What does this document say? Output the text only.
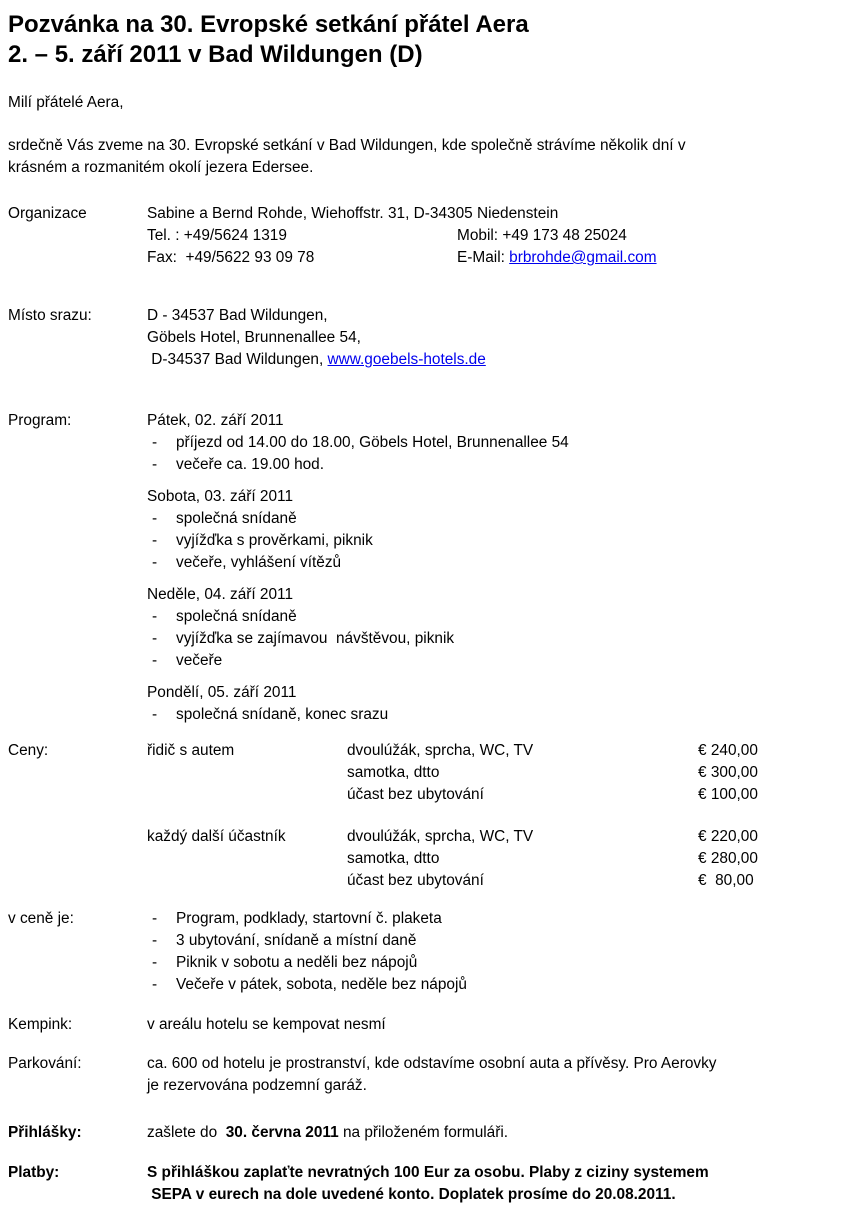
Pozvánka na 30. Evropské setkání přátel Aera
2. – 5. září 2011 v Bad Wildungen (D)
Milí přátelé Aera,
srdečně Vás zveme na 30. Evropské setkání v Bad Wildungen, kde společně strávíme několik dní v
krásném a rozmanitém okolí jezera Edersee.
Organizace	Sabine a Bernd Rohde, Wiehoffstr. 31, D-34305 Niedenstein
Tel. : +49/5624 1319	Mobil: +49 173 48 25024
Fax:  +49/5622 93 09 78	E-Mail: brbrohde@gmail.com
Místo srazu:	D - 34537 Bad Wildungen,
Göbels Hotel, Brunnenallee 54,
D-34537 Bad Wildungen, www.goebels-hotels.de
Program:	Pátek, 02. září 2011
-	příjezd od 14.00 do 18.00, Göbels Hotel, Brunnenallee 54
-	večeře ca. 19.00 hod.
Sobota, 03. září 2011
-	společná snídaně
-	vyjížďka s prověrkami, piknik
-	večeře, vyhlášení vítězů
Neděle, 04. září 2011
-	společná snídaně
-	vyjížďka se zajímavou  návštěvou, piknik
-	večeře
Pondělí, 05. září 2011
-	společná snídaně, konec srazu
Ceny:	řidič s autem	dvoulúžák, sprcha, WC, TV	€ 240,00
samotka, dtto	€ 300,00
účast bez ubytování	€ 100,00
každý další účastník	dvoulúžák, sprcha, WC, TV	€ 220,00
samotka, dtto	€ 280,00
účast bez ubytování	€  80,00
v ceně je:	-	Program, podklady, startovní č. plaketa
-	3 ubytování, snídaně a místní daně
-	Piknik v sobotu a neděli bez nápojů
-	Večeře v pátek, sobota, neděle bez nápojů
Kempink:	v areálu hotelu se kempovat nesmí
Parkování:	ca. 600 od hotelu je prostranství, kde odstavíme osobní auta a přívěsy. Pro Aerovky
je rezervována podzemní garáž.
Přihlášky:	zašlete do  30. června 2011 na přiloženém formuláři.
Platby:	S přihláškou zaplaťte nevratných 100 Eur za osobu. Plaby z ciziny systemem
SEPA v eurech na dole uvedené konto. Doplatek prosíme do 20.08.2011.
